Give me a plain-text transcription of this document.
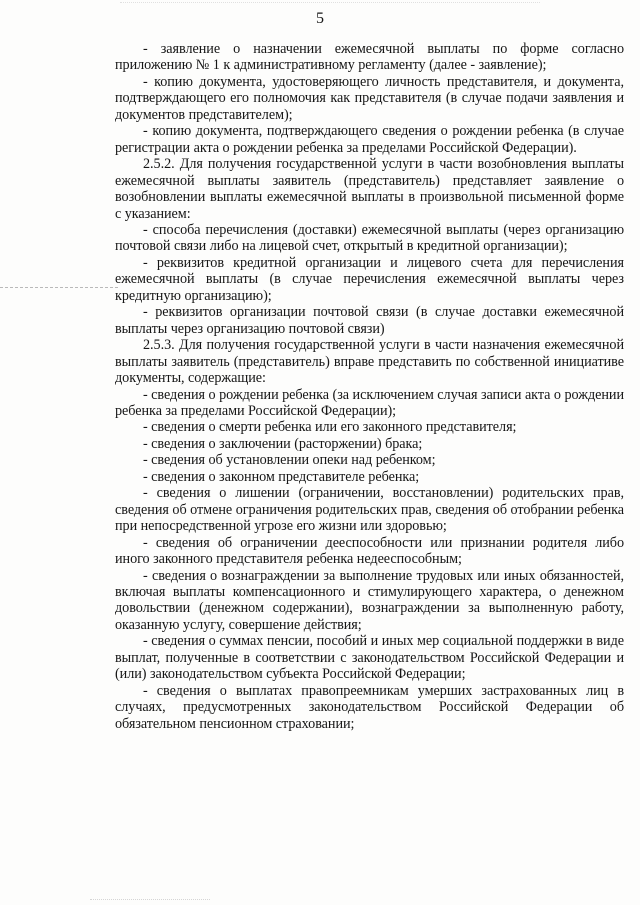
5

- заявление о назначении ежемесячной выплаты по форме согласно приложению № 1 к административному регламенту (далее - заявление);

- копию документа, удостоверяющего личность представителя, и документа, подтверждающего его полномочия как представителя (в случае подачи заявления и документов представителем);

- копию документа, подтверждающего сведения о рождении ребенка (в случае регистрации акта о рождении ребенка за пределами Российской Федерации).

2.5.2. Для получения государственной услуги в части возобновления выплаты ежемесячной выплаты заявитель (представитель) представляет заявление о возобновлении выплаты ежемесячной выплаты в произвольной письменной форме с указанием:

- способа перечисления (доставки) ежемесячной выплаты (через организацию почтовой связи либо на лицевой счет, открытый в кредитной организации);

- реквизитов кредитной организации и лицевого счета для перечисления ежемесячной выплаты (в случае перечисления ежемесячной выплаты через кредитную организацию);

- реквизитов организации почтовой связи (в случае доставки ежемесячной выплаты через организацию почтовой связи)

2.5.3. Для получения государственной услуги в части назначения ежемесячной выплаты заявитель (представитель) вправе представить по собственной инициативе документы, содержащие:

- сведения о рождении ребенка (за исключением случая записи акта о рождении ребенка за пределами Российской Федерации);

- сведения о смерти ребенка или его законного представителя;

- сведения о заключении (расторжении) брака;

- сведения об установлении опеки над ребенком;

- сведения о законном представителе ребенка;

- сведения о лишении (ограничении, восстановлении) родительских прав, сведения об отмене ограничения родительских прав, сведения об отобрании ребенка при непосредственной угрозе его жизни или здоровью;

- сведения об ограничении дееспособности или признании родителя либо иного законного представителя ребенка недееспособным;

- сведения о вознаграждении за выполнение трудовых или иных обязанностей, включая выплаты компенсационного и стимулирующего характера, о денежном довольствии (денежном содержании), вознаграждении за выполненную работу, оказанную услугу, совершение действия;

- сведения о суммах пенсии, пособий и иных мер социальной поддержки в виде выплат, полученные в соответствии с законодательством Российской Федерации и (или) законодательством субъекта Российской Федерации;

- сведения о выплатах правопреемникам умерших застрахованных лиц в случаях, предусмотренных законодательством Российской Федерации об обязательном пенсионном страховании;
